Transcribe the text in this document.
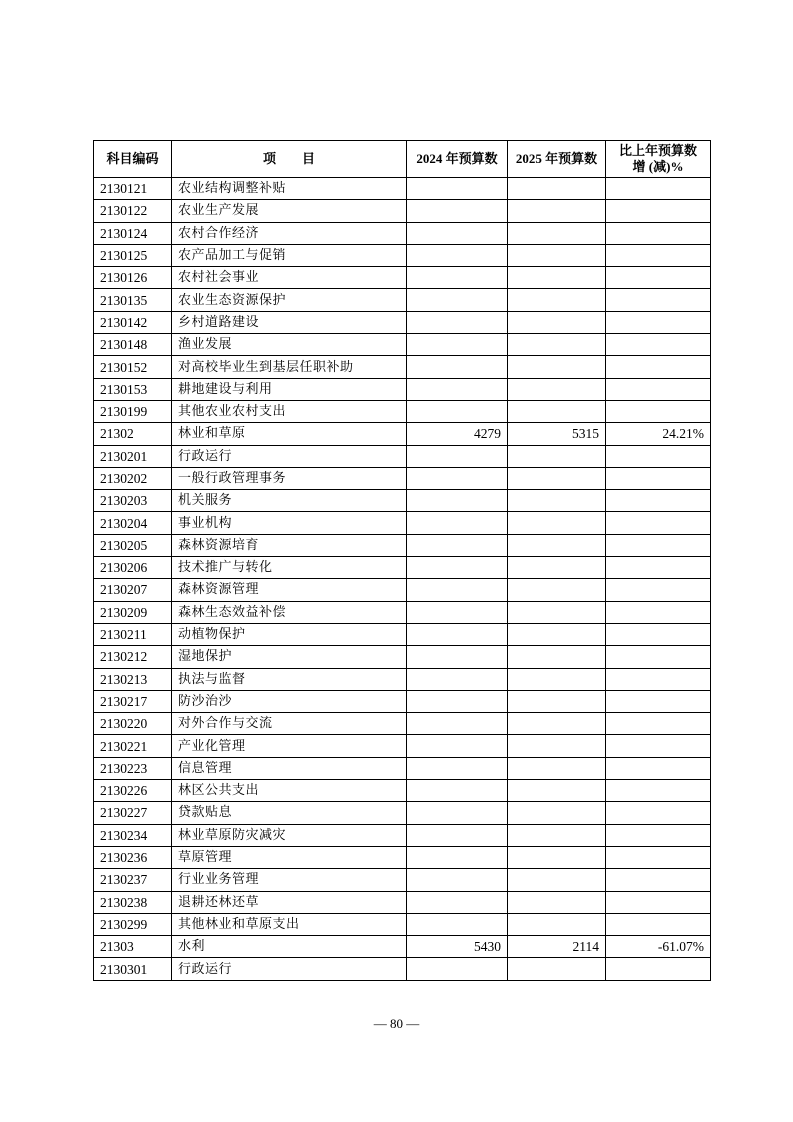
科目编码	项　　目	2024 年预算数	2025 年预算数	比上年预算数
增 (减)%

2130121	农业结构调整补贴			
2130122	农业生产发展			
2130124	农村合作经济			
2130125	农产品加工与促销			
2130126	农村社会事业			
2130135	农业生态资源保护			
2130142	乡村道路建设			
2130148	渔业发展			
2130152	对高校毕业生到基层任职补助			
2130153	耕地建设与利用			
2130199	其他农业农村支出			
21302	林业和草原	4279	5315	24.21%
2130201	行政运行			
2130202	一般行政管理事务			
2130203	机关服务			
2130204	事业机构			
2130205	森林资源培育			
2130206	技术推广与转化			
2130207	森林资源管理			
2130209	森林生态效益补偿			
2130211	动植物保护			
2130212	湿地保护			
2130213	执法与监督			
2130217	防沙治沙			
2130220	对外合作与交流			
2130221	产业化管理			
2130223	信息管理			
2130226	林区公共支出			
2130227	贷款贴息			
2130234	林业草原防灾减灾			
2130236	草原管理			
2130237	行业业务管理			
2130238	退耕还林还草			
2130299	其他林业和草原支出			
21303	水利	5430	2114	-61.07%
2130301	行政运行			
— 80 —
